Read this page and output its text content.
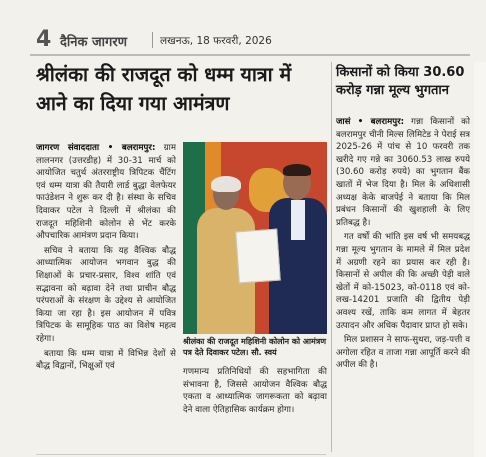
4 दैनिक जागरण	लखनऊ, 18 फरवरी, 2026
श्रीलंका की राजदूत को धम्म यात्रा में आने का दिया गया आमंत्रण

जागरण संवाददाता • बलरामपुर: ग्राम लालनगर (उत्तरडीह) में 30-31 मार्च को आयोजित चतुर्थ अंतरराष्ट्रीय त्रिपिटक चैंटिंग एवं धम्म यात्रा की तैयारी लार्ड बुद्धा वेलफेयर फाउंडेशन ने शुरू कर दी है। संस्था के सचिव दिवाकर पटेल ने दिल्ली में श्रीलंका की राजदूत महिशिनी कोलोन से भेंट करके औपचारिक आमंत्रण प्रदान किया।

सचिव ने बताया कि यह वैश्विक बौद्ध आध्यात्मिक आयोजन भगवान बुद्ध की शिक्षाओं के प्रचार-प्रसार, विश्व शांति एवं सद्भावना को बढ़ावा देने तथा प्राचीन बौद्ध परंपराओं के संरक्षण के उद्देश्य से आयोजित किया जा रहा है। इस आयोजन में पवित्र त्रिपिटक के सामूहिक पाठ का विशेष महत्व रहेगा।

बताया कि धम्म यात्रा में विभिन्न देशों से बौद्ध विद्वानों, भिक्षुओं एवं

श्रीलंका की राजदूत महिशिनी कोलोन को आमंत्रण पत्र देते दिवाकर पटेल। सौ. स्वयं

गणमान्य प्रतिनिधियों की सहभागिता की संभावना है, जिससे आयोजन वैश्विक बौद्ध एकता व आध्यात्मिक जागरूकता को बढ़ावा देने वाला ऐतिहासिक कार्यक्रम होगा।

किसानों को किया 30.60 करोड़ गन्ना मूल्य भुगतान

जासं • बलरामपुर: गन्ना किसानों को बलरामपुर चीनी मिल्स लिमिटेड ने पेराई सत्र 2025-26 में पांच से 10 फरवरी तक खरीदे गए गन्ने का 3060.53 लाख रुपये (30.60 करोड़ रुपये) का भुगतान बैंक खातों में भेज दिया है। मिल के अधिशासी अध्यक्ष केके बाजपेई ने बताया कि मिल प्रबंधन किसानों की खुशहाली के लिए प्रतिबद्ध है।

गत वर्षों की भांति इस वर्ष भी समयबद्ध गन्ना मूल्य भुगतान के मामले में मिल प्रदेश में अग्रणी रहने का प्रयास कर रही है। किसानों से अपील की कि अच्छी पेड़ी वाले खेतों में को-15023, को-0118 एवं को-लख-14201 प्रजाति की द्वितीय पेड़ी अवश्य रखें, ताकि कम लागत में बेहतर उत्पादन और अधिक पैदावार प्राप्त हो सके।

मिल प्रशासन ने साफ-सुथरा, जड़-पत्ती व अगोला रहित व ताजा गन्ना आपूर्ति करने की अपील की है।
